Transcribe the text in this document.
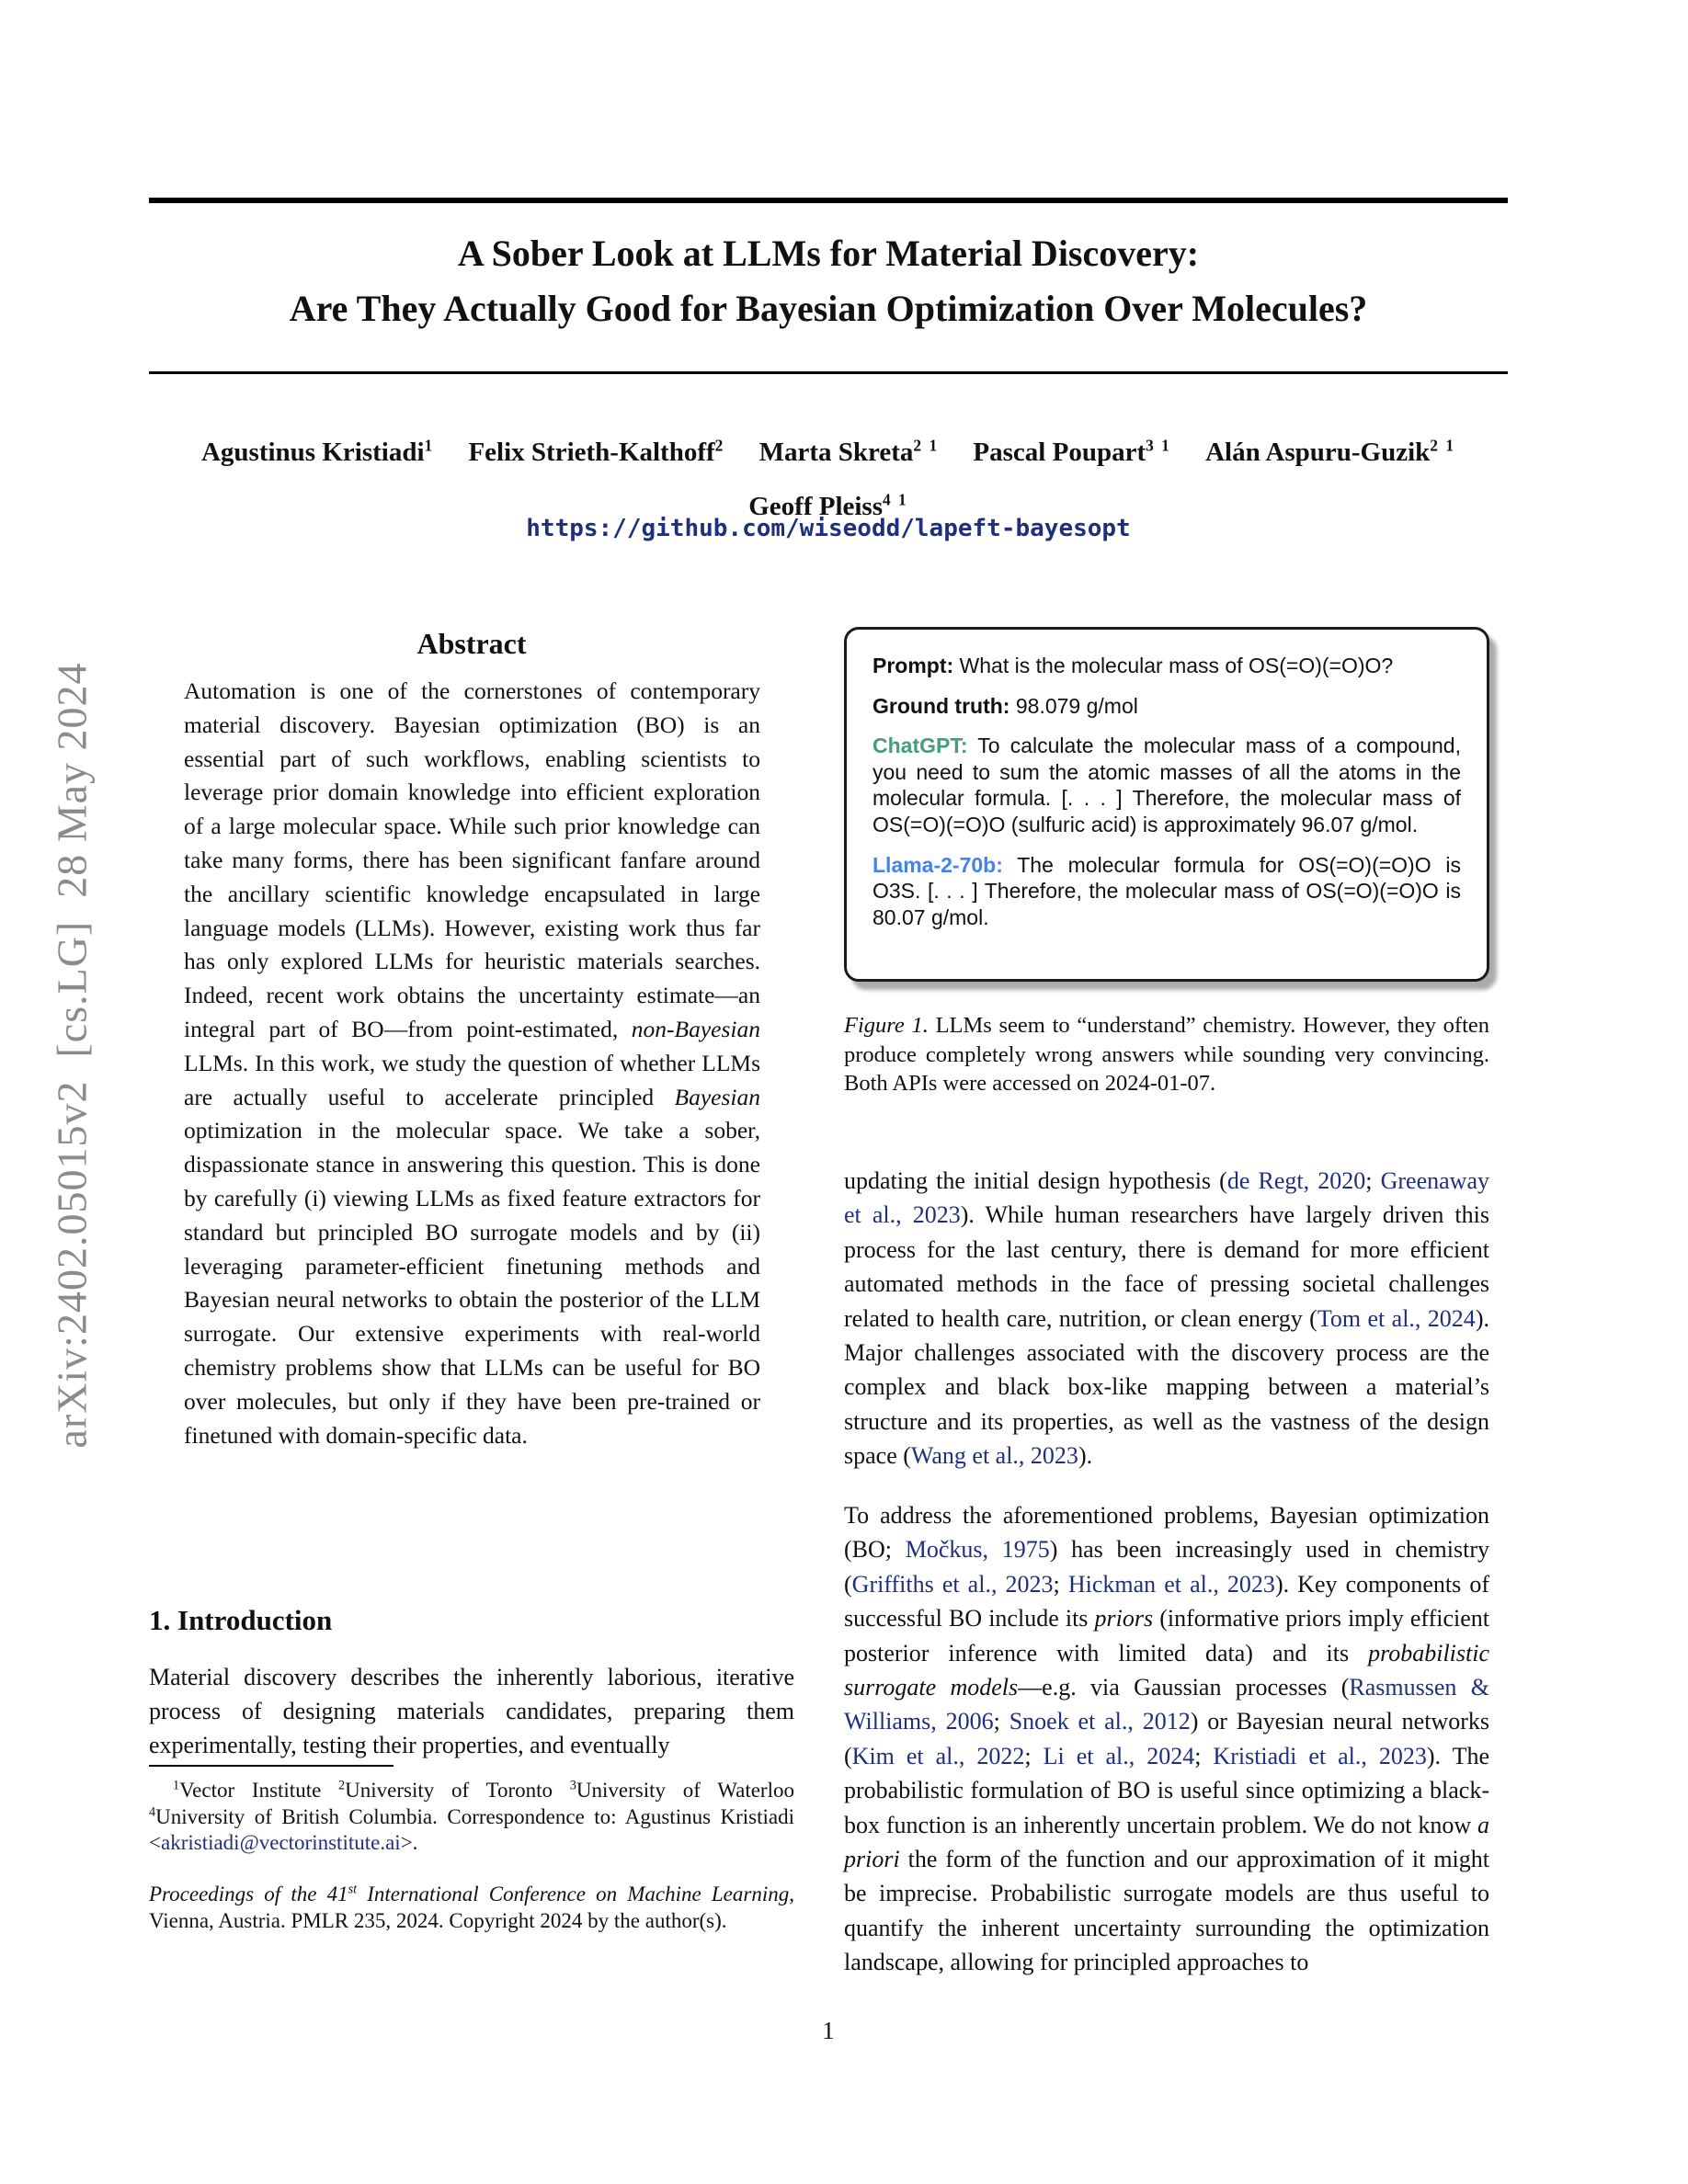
arXiv:2402.05015v2  [cs.LG]  28 May 2024
A Sober Look at LLMs for Material Discovery:
Are They Actually Good for Bayesian Optimization Over Molecules?
Agustinus Kristiadi$^1$ Felix Strieth-Kalthoff$^2$ Marta Skreta$^{2 1}$ Pascal Poupart$^{3 1}$ Alán Aspuru-Guzik$^{2 1}$
Geoff Pleiss$^{4 1}$
https://github.com/wiseodd/lapeft-bayesopt
Abstract
Automation is one of the cornerstones of contemporary material discovery. Bayesian optimization (BO) is an essential part of such workflows, enabling scientists to leverage prior domain knowledge into efficient exploration of a large molecular space. While such prior knowledge can take many forms, there has been significant fanfare around the ancillary scientific knowledge encapsulated in large language models (LLMs). However, existing work thus far has only explored LLMs for heuristic materials searches. Indeed, recent work obtains the uncertainty estimate—an integral part of BO—from point-estimated, non-Bayesian LLMs. In this work, we study the question of whether LLMs are actually useful to accelerate principled Bayesian optimization in the molecular space. We take a sober, dispassionate stance in answering this question. This is done by carefully (i) viewing LLMs as fixed feature extractors for standard but principled BO surrogate models and by (ii) leveraging parameter-efficient finetuning methods and Bayesian neural networks to obtain the posterior of the LLM surrogate. Our extensive experiments with real-world chemistry problems show that LLMs can be useful for BO over molecules, but only if they have been pre-trained or finetuned with domain-specific data.
1. Introduction
Material discovery describes the inherently laborious, iterative process of designing materials candidates, preparing them experimentally, testing their properties, and eventually
$^1$Vector Institute $^2$University of Toronto $^3$University of Waterloo $^4$University of British Columbia. Correspondence to: Agustinus Kristiadi <akristiadi@vectorinstitute.ai>.
Proceedings of the 41st International Conference on Machine Learning, Vienna, Austria. PMLR 235, 2024. Copyright 2024 by the author(s).
Prompt: What is the molecular mass of OS(=O)(=O)O?
Ground truth: 98.079 g/mol
ChatGPT: To calculate the molecular mass of a compound, you need to sum the atomic masses of all the atoms in the molecular formula. [. . . ] Therefore, the molecular mass of OS(=O)(=O)O (sulfuric acid) is approximately 96.07 g/mol.
Llama-2-70b: The molecular formula for OS(=O)(=O)O is O3S. [. . . ] Therefore, the molecular mass of OS(=O)(=O)O is 80.07 g/mol.
Figure 1. LLMs seem to “understand” chemistry. However, they often produce completely wrong answers while sounding very convincing. Both APIs were accessed on 2024-01-07.
updating the initial design hypothesis (de Regt, 2020; Greenaway et al., 2023). While human researchers have largely driven this process for the last century, there is demand for more efficient automated methods in the face of pressing societal challenges related to health care, nutrition, or clean energy (Tom et al., 2024). Major challenges associated with the discovery process are the complex and black box-like mapping between a material’s structure and its properties, as well as the vastness of the design space (Wang et al., 2023).
To address the aforementioned problems, Bayesian optimization (BO; Močkus, 1975) has been increasingly used in chemistry (Griffiths et al., 2023; Hickman et al., 2023). Key components of successful BO include its priors (informative priors imply efficient posterior inference with limited data) and its probabilistic surrogate models—e.g. via Gaussian processes (Rasmussen & Williams, 2006; Snoek et al., 2012) or Bayesian neural networks (Kim et al., 2022; Li et al., 2024; Kristiadi et al., 2023). The probabilistic formulation of BO is useful since optimizing a black-box function is an inherently uncertain problem. We do not know a priori the form of the function and our approximation of it might be imprecise. Probabilistic surrogate models are thus useful to quantify the inherent uncertainty surrounding the optimization landscape, allowing for principled approaches to
1
